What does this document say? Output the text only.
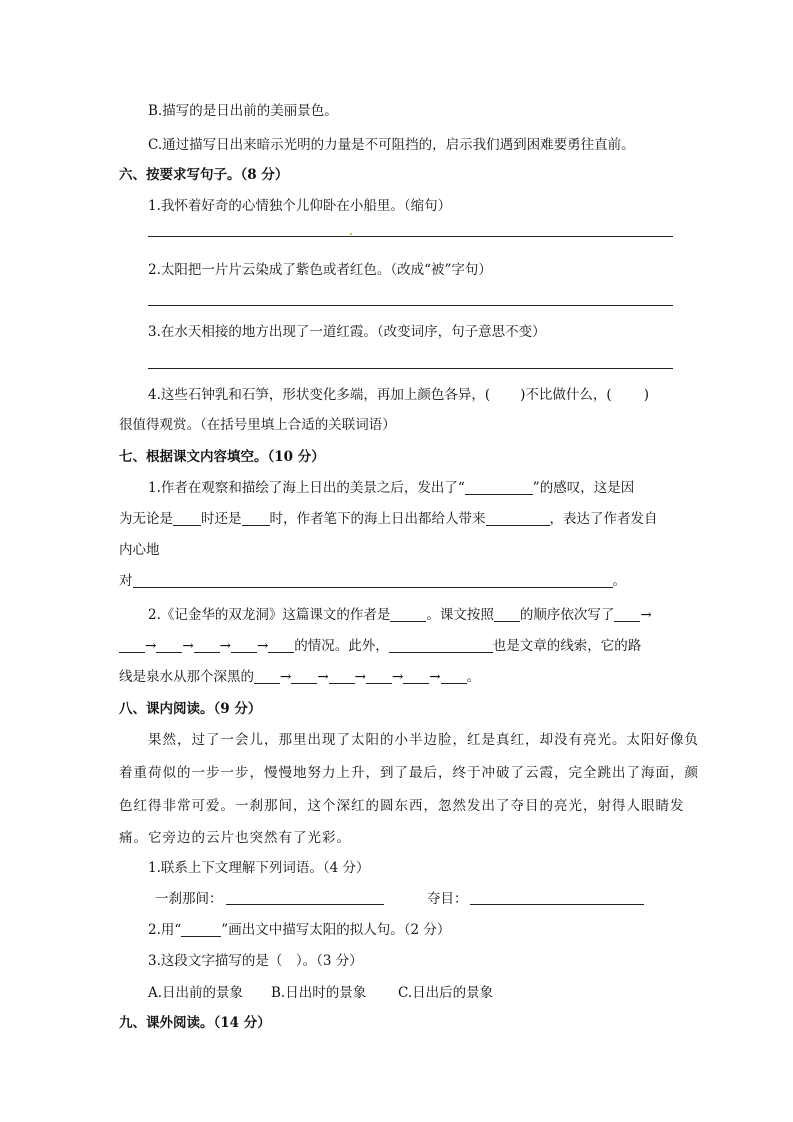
B.描写的是日出前的美丽景色。
C.通过描写日出来暗示光明的力量是不可阻挡的，启示我们遇到困难要勇往直前。
六、按要求写句子。（8 分）
1.我怀着好奇的心情独个儿仰卧在小船里。（缩句）
2.太阳把一片片云染成了紫色或者红色。（改成“被”字句）
3.在水天相接的地方出现了一道红霞。（改变词序，句子意思不变）
4.这些石钟乳和石笋，形状变化多端，再加上颜色各异，( )不比做什么，( )
很值得观赏。（在括号里填上合适的关联词语）
七、根据课文内容填空。（10 分）
1.作者在观察和描绘了海上日出的美景之后，发出了“	”的感叹，这是因
为无论是 时还是 时，作者笔下的海上日出都给人带来	，表达了作者发自
内心地
对	。
2.《记金华的双龙洞》这篇课文的作者是	。课文按照 的顺序依次写了 →
→ → → → 的情况。此外，	也是文章的线索，它的路
线是泉水从那个深黑的 → → → → → 。
八、课内阅读。（9 分）
果然，过了一会儿，那里出现了太阳的小半边脸，红是真红，却没有亮光。太阳好像负
着重荷似的一步一步，慢慢地努力上升，到了最后，终于冲破了云霞，完全跳出了海面，颜
色红得非常可爱。一刹那间，这个深红的圆东西，忽然发出了夺目的亮光，射得人眼睛发
痛。它旁边的云片也突然有了光彩。
1.联系上下文理解下列词语。（4 分）
一刹那间：	夺目：
2.用“	”画出文中描写太阳的拟人句。（2 分）
3.这段文字描写的是（　）。（3 分）
A.日出前的景象 B.日出时的景象 C.日出后的景象
九、课外阅读。（14 分）
